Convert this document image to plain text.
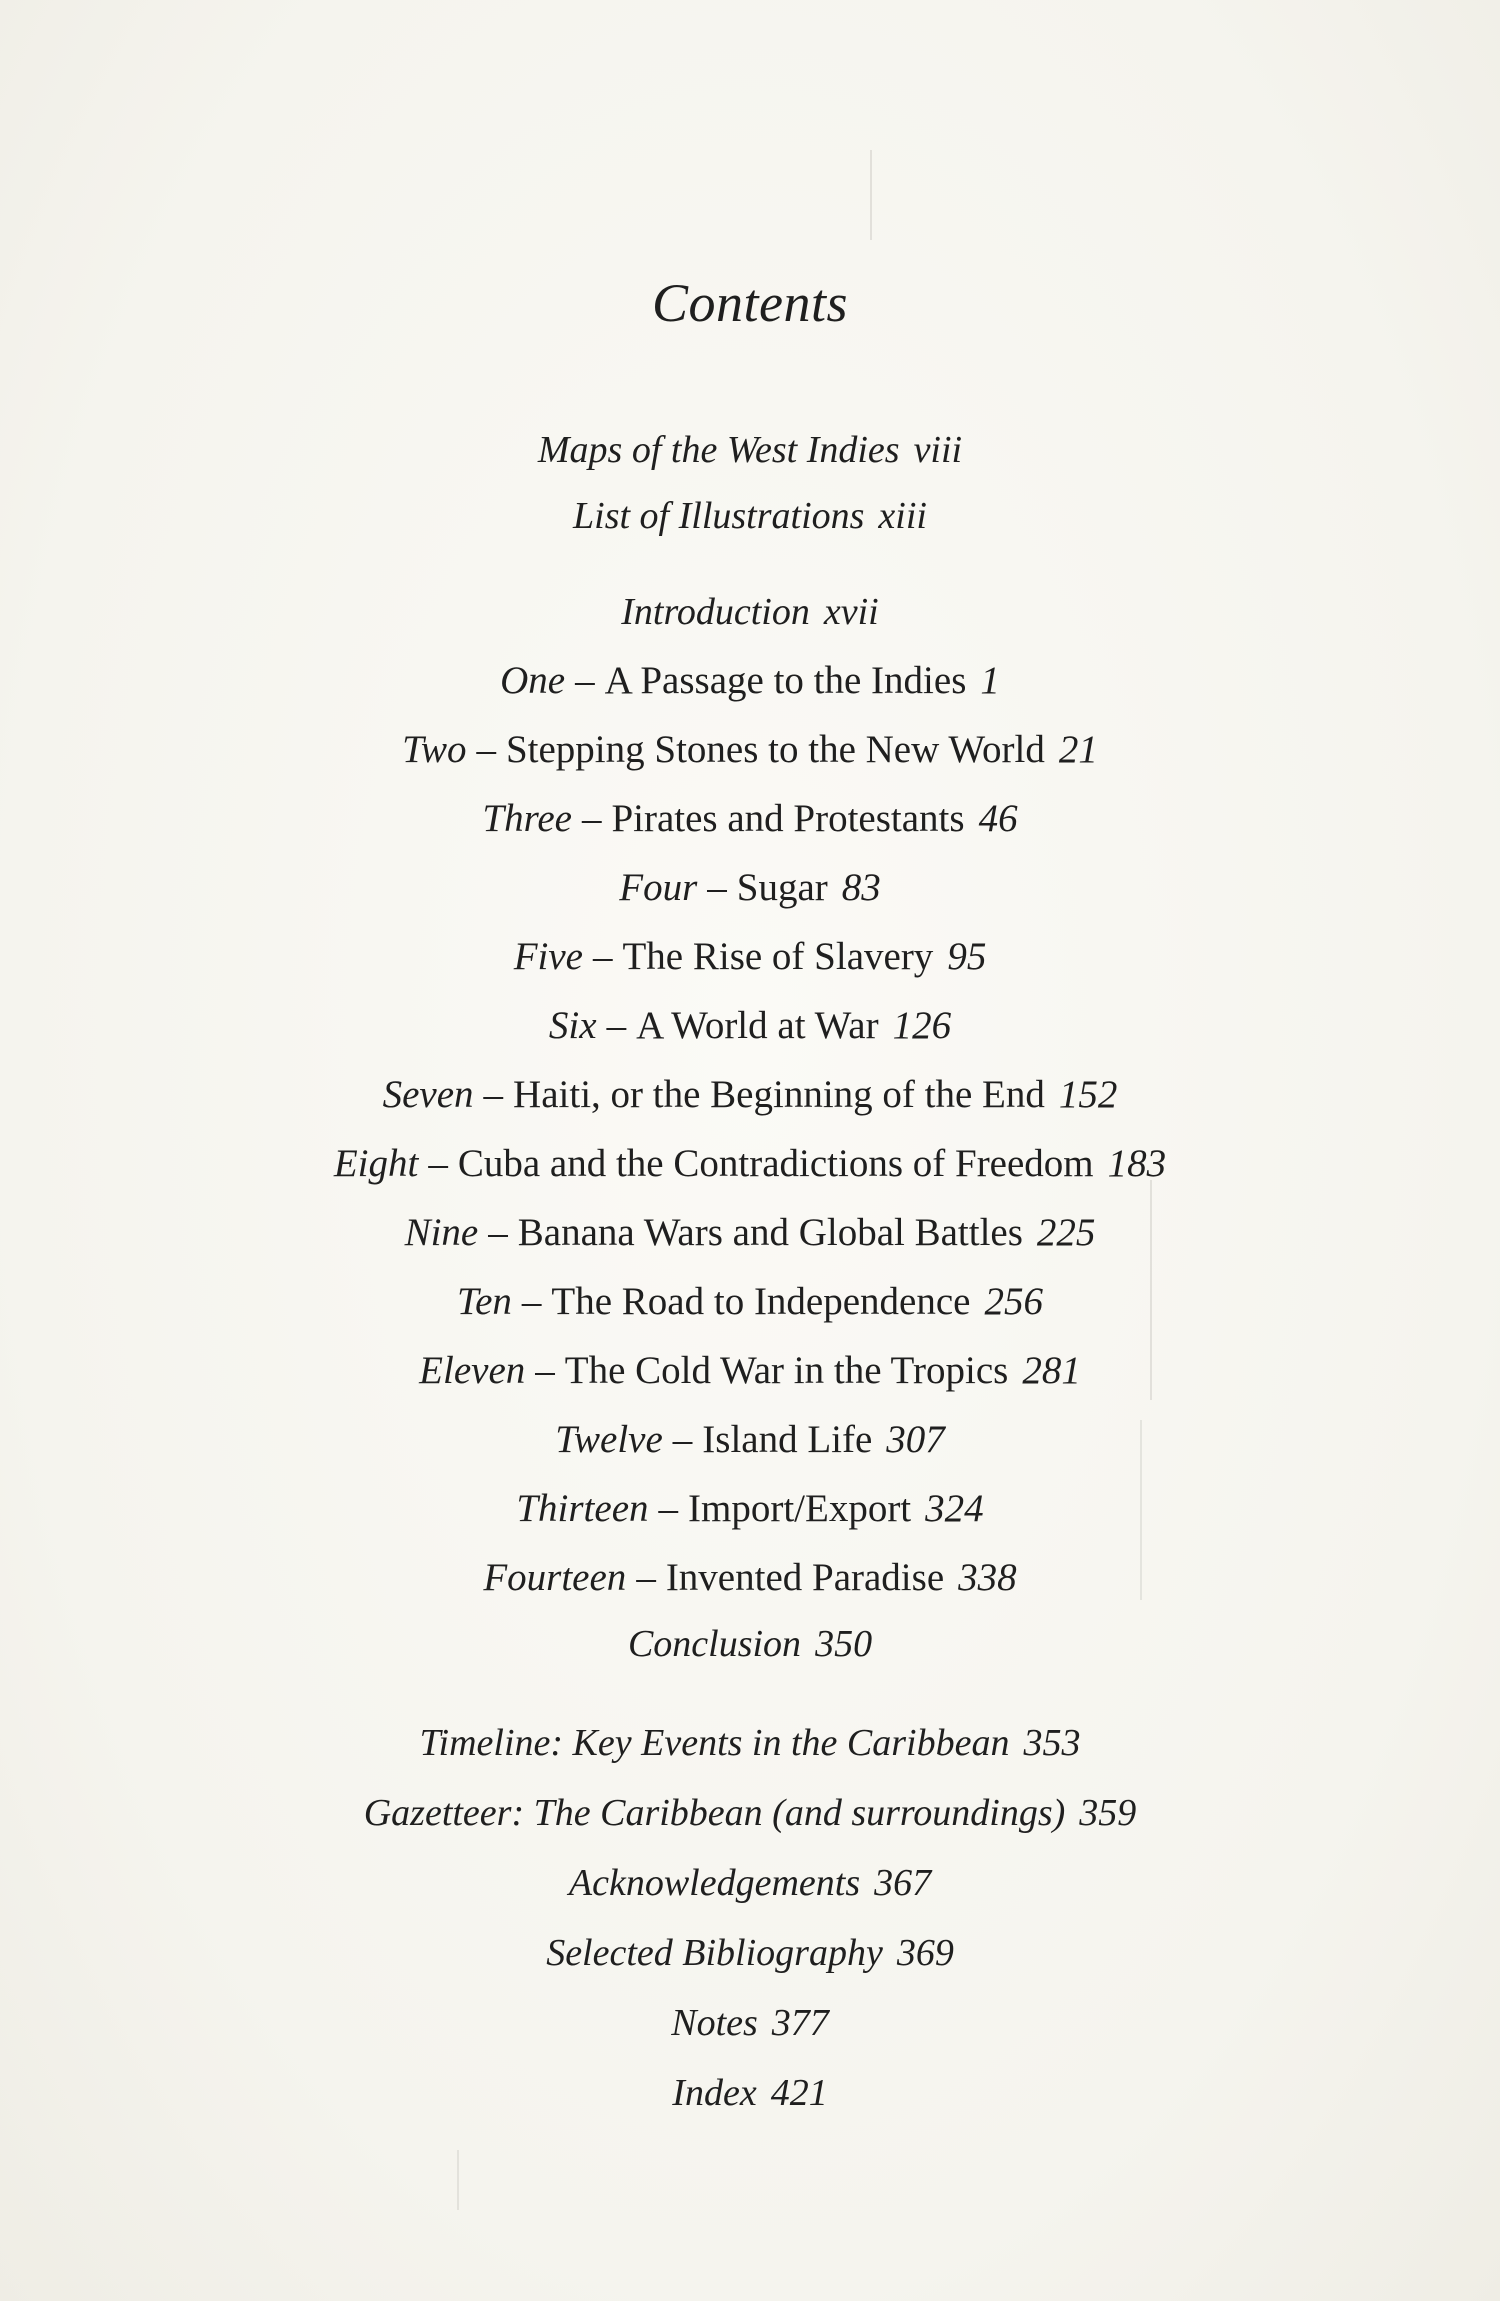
Contents
Maps of the West Indies viii
List of Illustrations xiii
Introduction xvii
One – A Passage to the Indies 1
Two – Stepping Stones to the New World 21
Three – Pirates and Protestants 46
Four – Sugar 83
Five – The Rise of Slavery 95
Six – A World at War 126
Seven – Haiti, or the Beginning of the End 152
Eight – Cuba and the Contradictions of Freedom 183
Nine – Banana Wars and Global Battles 225
Ten – The Road to Independence 256
Eleven – The Cold War in the Tropics 281
Twelve – Island Life 307
Thirteen – Import/Export 324
Fourteen – Invented Paradise 338
Conclusion 350
Timeline: Key Events in the Caribbean 353
Gazetteer: The Caribbean (and surroundings) 359
Acknowledgements 367
Selected Bibliography 369
Notes 377
Index 421
